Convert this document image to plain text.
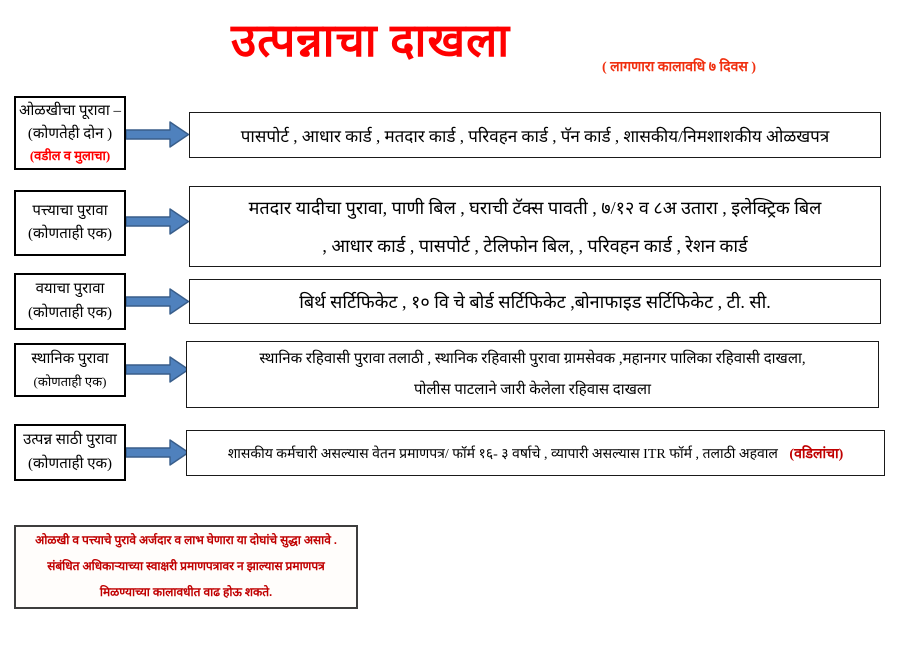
उत्पन्नाचा दाखला
( लागणारा कालावधि ७ दिवस )
ओळखीचा पूरावा –
(कोणतेही दोन )
(वडील व मुलाचा)
पासपोर्ट , आधार कार्ड , मतदार कार्ड , परिवहन कार्ड , पॅन कार्ड , शासकीय/निमशाशकीय ओळखपत्र
पत्त्याचा पुरावा
(कोणताही एक)
मतदार यादीचा पुरावा, पाणी बिल , घराची टॅक्स पावती , ७/१२ व ८अ उतारा , इलेक्ट्रिक बिल
, आधार कार्ड , पासपोर्ट , टेलिफोन बिल, , परिवहन कार्ड , रेशन कार्ड
वयाचा पुरावा
(कोणताही एक)
बिर्थ सर्टिफिकेट , १० वि चे बोर्ड सर्टिफिकेट ,बोनाफाइड सर्टिफिकेट , टी. सी.
स्थानिक पुरावा
(कोणताही एक)
स्थानिक रहिवासी पुरावा तलाठी , स्थानिक रहिवासी पुरावा ग्रामसेवक ,महानगर पालिका रहिवासी दाखला,
पोलीस पाटलाने जारी केलेला रहिवास दाखला
उत्पन्न साठी पुरावा
(कोणताही एक)
शासकीय कर्मचारी असल्यास वेतन प्रमाणपत्र/ फॉर्म १६- ३ वर्षाचे , व्यापारी असल्यास ITR फॉर्म , तलाठी अहवाल (वडिलांचा)
ओळखी व पत्त्याचे पुरावे अर्जदार व लाभ घेणारा या दोघांचे सुद्धा असावे .
संबंधित अधिकाऱ्याच्या स्वाक्षरी प्रमाणपत्रावर न झाल्यास प्रमाणपत्र
मिळण्याच्या कालावधीत वाढ होऊ शकते.
